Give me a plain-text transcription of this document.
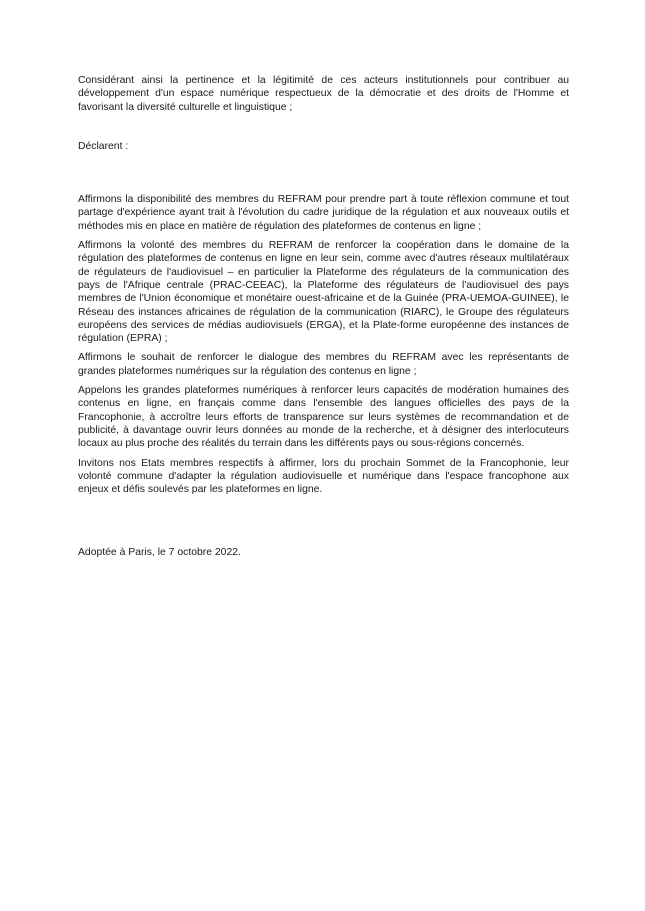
Considérant ainsi la pertinence et la légitimité de ces acteurs institutionnels pour contribuer au développement d'un espace numérique respectueux de la démocratie et des droits de l'Homme et favorisant la diversité culturelle et linguistique ;

Déclarent :

Affirmons la disponibilité des membres du REFRAM pour prendre part à toute réflexion commune et tout partage d'expérience ayant trait à l'évolution du cadre juridique de la régulation et aux nouveaux outils et méthodes mis en place en matière de régulation des plateformes de contenus en ligne ;

Affirmons la volonté des membres du REFRAM de renforcer la coopération dans le domaine de la régulation des plateformes de contenus en ligne en leur sein, comme avec d'autres réseaux multilatéraux de régulateurs de l'audiovisuel – en particulier la Plateforme des régulateurs de la communication des pays de l'Afrique centrale (PRAC-CEEAC), la Plateforme des régulateurs de l'audiovisuel des pays membres de l'Union économique et monétaire ouest-africaine et de la Guinée (PRA-UEMOA-GUINEE), le Réseau des instances africaines de régulation de la communication (RIARC), le Groupe des régulateurs européens des services de médias audiovisuels (ERGA), et la Plate-forme européenne des instances de régulation (EPRA) ;

Affirmons le souhait de renforcer le dialogue des membres du REFRAM avec les représentants de grandes plateformes numériques sur la régulation des contenus en ligne ;

Appelons les grandes plateformes numériques à renforcer leurs capacités de modération humaines des contenus en ligne, en français comme dans l'ensemble des langues officielles des pays de la Francophonie, à accroître leurs efforts de transparence sur leurs systèmes de recommandation et de publicité, à davantage ouvrir leurs données au monde de la recherche, et à désigner des interlocuteurs locaux au plus proche des réalités du terrain dans les différents pays ou sous-régions concernés.

Invitons nos Etats membres respectifs à affirmer, lors du prochain Sommet de la Francophonie, leur volonté commune d'adapter la régulation audiovisuelle et numérique dans l'espace francophone aux enjeux et défis soulevés par les plateformes en ligne.

Adoptée à Paris, le 7 octobre 2022.
